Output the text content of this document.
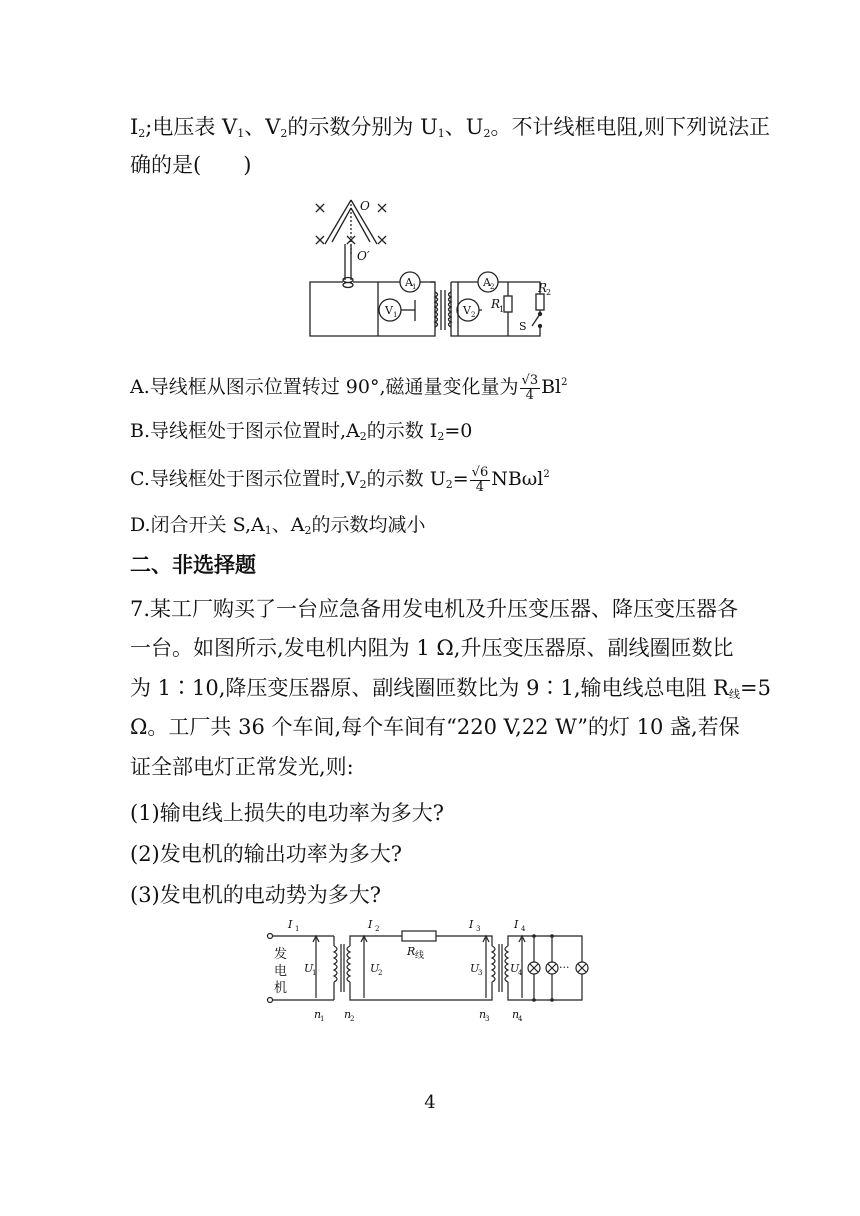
$I_2$;电压表 $V_1$、$V_2$的示数分别为 $U_1$、$U_2$。不计线框电阻,则下列说法正
确的是(　　)
O
O′
R
1
R
2
A 1	A 2
V 1	V 2
S
A.导线框从图示位置转过 90°,磁通量变化量为 $\frac{√3}{4} Bl^2$
B.导线框处于图示位置时$,A_2$的示数 $I_2=0$
C.导线框处于图示位置时$,V_2$的示数 $U_2= \frac{√6}{4} NB\omega l^2$
D.闭合开关 $S,A_1$、$A_2$的示数均减小
二、非选择题
7.某工厂购买了一台应急备用发电机及升压变压器、降压变压器各
一台。如图所示,发电机内阻为 1 Ω,升压变压器原、副线圈匝数比
为 1∶10,降压变压器原、副线圈匝数比为 9∶1,输电线总电阻 $R_线=5$
Ω。工厂共 36 个车间,每个车间有“220 V,22 W”的灯 10 盏,若保
证全部电灯正常发光,则:
(1)输电线上损失的电功率为多大?
(2)发电机的输出功率为多大?
(3)发电机的电动势为多大?
发
电
机
···
I	I	I	I
U	U	U	U
n n	n n
R
1	2	3	4
1	2	3	4
1	2	3	4
线
4
